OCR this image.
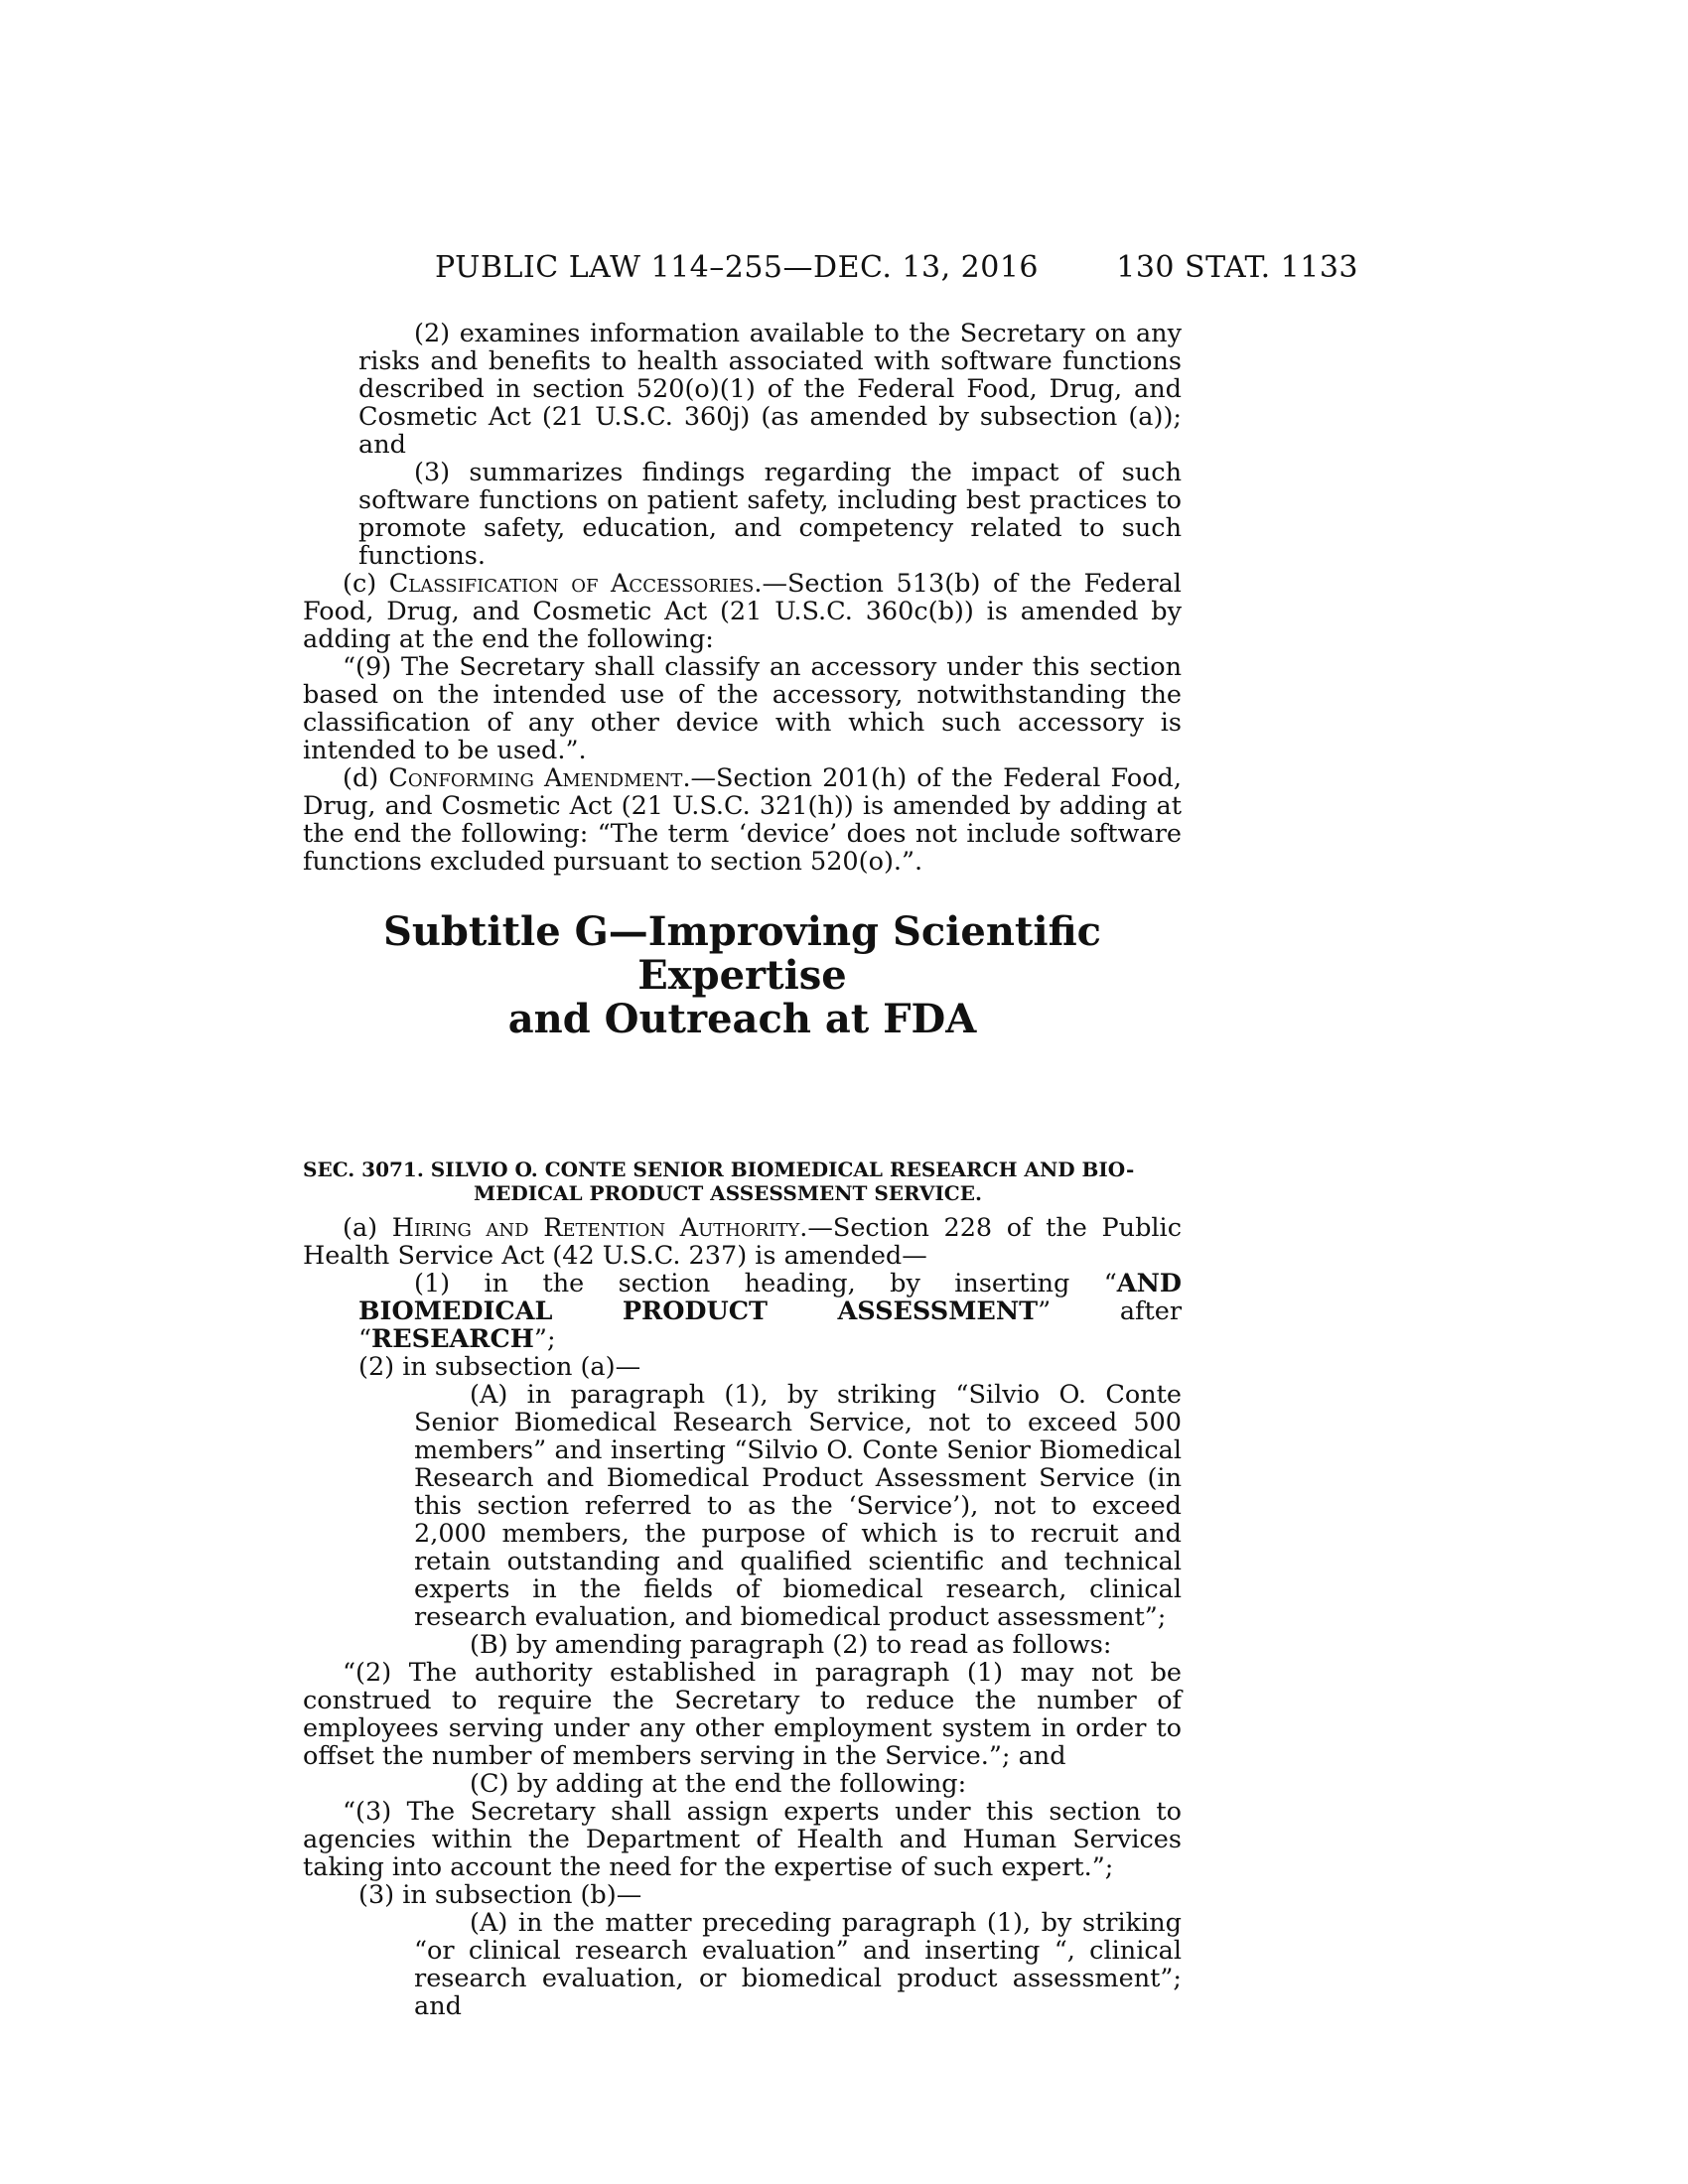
PUBLIC LAW 114–255—DEC. 13, 2016	130 STAT. 1133

(2) examines information available to the Secretary on any risks and benefits to health associated with software functions described in section 520(o)(1) of the Federal Food, Drug, and Cosmetic Act (21 U.S.C. 360j) (as amended by subsection (a)); and

(3) summarizes findings regarding the impact of such software functions on patient safety, including best practices to promote safety, education, and competency related to such functions.

(c) Classification of Accessories.—Section 513(b) of the Federal Food, Drug, and Cosmetic Act (21 U.S.C. 360c(b)) is amended by adding at the end the following:

“(9) The Secretary shall classify an accessory under this section based on the intended use of the accessory, notwithstanding the classification of any other device with which such accessory is intended to be used.”.

(d) Conforming Amendment.—Section 201(h) of the Federal Food, Drug, and Cosmetic Act (21 U.S.C. 321(h)) is amended by adding at the end the following: “The term ‘device’ does not include software functions excluded pursuant to section 520(o).”.

Subtitle G—Improving Scientific Expertise
and Outreach at FDA
SEC. 3071. SILVIO O. CONTE SENIOR BIOMEDICAL RESEARCH AND BIO-
MEDICAL PRODUCT ASSESSMENT SERVICE.

(a) Hiring and Retention Authority.—Section 228 of the Public Health Service Act (42 U.S.C. 237) is amended—

(1) in the section heading, by inserting “AND BIOMEDICAL PRODUCT ASSESSMENT” after “RESEARCH”;

(2) in subsection (a)—

(A) in paragraph (1), by striking “Silvio O. Conte Senior Biomedical Research Service, not to exceed 500 members” and inserting “Silvio O. Conte Senior Biomedical Research and Biomedical Product Assessment Service (in this section referred to as the ‘Service’), not to exceed 2,000 members, the purpose of which is to recruit and retain outstanding and qualified scientific and technical experts in the fields of biomedical research, clinical research evaluation, and biomedical product assessment”;

(B) by amending paragraph (2) to read as follows:

“(2) The authority established in paragraph (1) may not be construed to require the Secretary to reduce the number of employees serving under any other employment system in order to offset the number of members serving in the Service.”; and

(C) by adding at the end the following:

“(3) The Secretary shall assign experts under this section to agencies within the Department of Health and Human Services taking into account the need for the expertise of such expert.”;

(3) in subsection (b)—

(A) in the matter preceding paragraph (1), by striking “or clinical research evaluation” and inserting “, clinical research evaluation, or biomedical product assessment”; and
